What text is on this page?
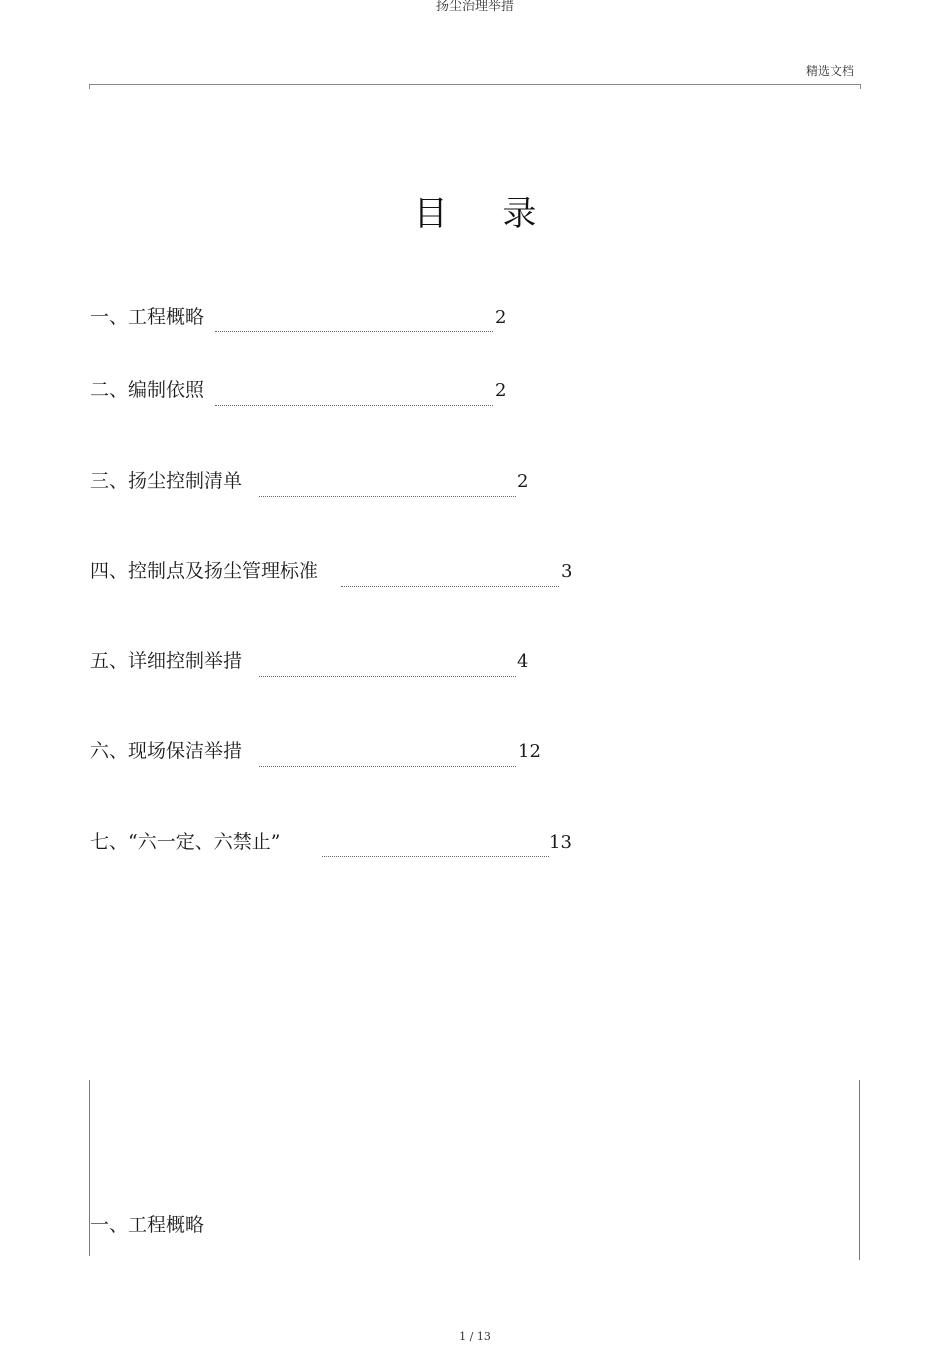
扬尘治理举措
精选文档
目 录
一、工程概略	2
二、编制依照	2
三、扬尘控制清单	2
四、控制点及扬尘管理标准	3
五、详细控制举措	4
六、现场保洁举措	12
七、“六一定、六禁止”	13
一、工程概略
1 / 13
